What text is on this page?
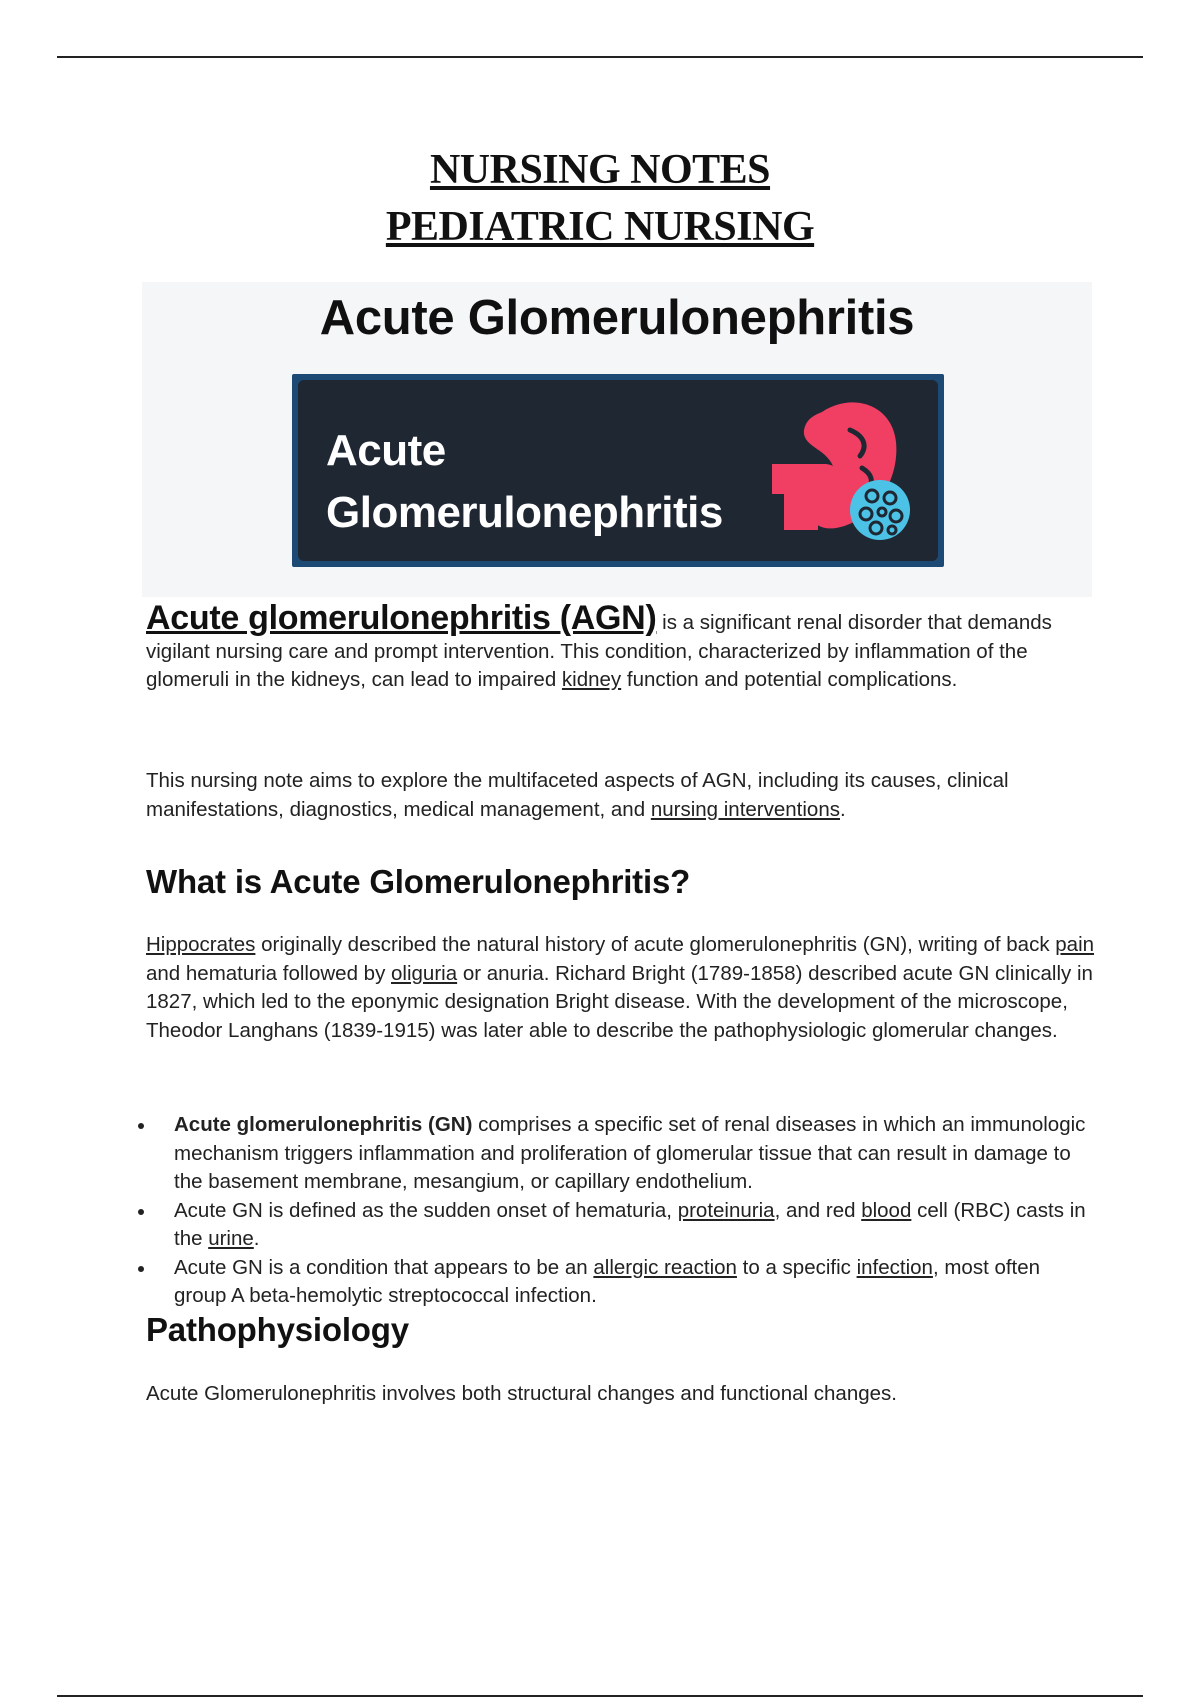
NURSING NOTES
PEDIATRIC NURSING
Acute Glomerulonephritis
Acute
Glomerulonephritis

Acute glomerulonephritis (AGN) is a significant renal disorder that demands vigilant nursing care and prompt intervention. This condition, characterized by inflammation of the glomeruli in the kidneys, can lead to impaired kidney function and potential complications.

This nursing note aims to explore the multifaceted aspects of AGN, including its causes, clinical manifestations, diagnostics, medical management, and nursing interventions.

What is Acute Glomerulonephritis?

Hippocrates originally described the natural history of acute glomerulonephritis (GN), writing of back pain and hematuria followed by oliguria or anuria. Richard Bright (1789-1858) described acute GN clinically in 1827, which led to the eponymic designation Bright disease. With the development of the microscope, Theodor Langhans (1839-1915) was later able to describe the pathophysiologic glomerular changes.

Acute glomerulonephritis (GN) comprises a specific set of renal diseases in which an immunologic mechanism triggers inflammation and proliferation of glomerular tissue that can result in damage to the basement membrane, mesangium, or capillary endothelium.
Acute GN is defined as the sudden onset of hematuria, proteinuria, and red blood cell (RBC) casts in the urine.
Acute GN is a condition that appears to be an allergic reaction to a specific infection, most often group A beta-hemolytic streptococcal infection.
Pathophysiology

Acute Glomerulonephritis involves both structural changes and functional changes.
